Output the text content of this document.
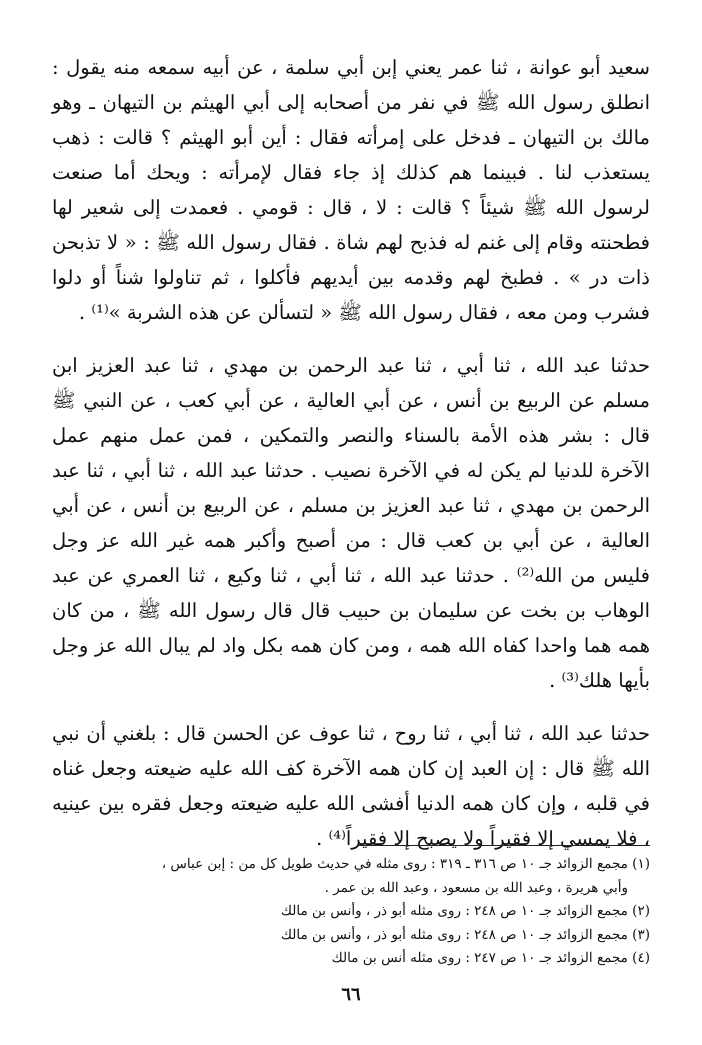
سعيد أبو عوانة ، ثنا عمر يعني إبن أبي سلمة ، عن أبيه سمعه منه يقول : انطلق رسول الله ﷺ في نفر من أصحابه إلى أبي الهيثم بن التيهان ـ وهو مالك بن التيهان ـ فدخل على إمرأته فقال : أين أبو الهيثم ؟ قالت : ذهب يستعذب لنا . فبينما هم كذلك إذ جاء فقال لإمرأته : ويحك أما صنعت لرسول الله ﷺ شيئاً ؟ قالت : لا ، قال : قومي . فعمدت إلى شعير لها فطحنته وقام إلى غنم له فذبح لهم شاة . فقال رسول الله ﷺ : « لا تذبحن ذات در » . فطبخ لهم وقدمه بين أيديهم فأكلوا ، ثم تناولوا شناً أو دلوا فشرب ومن معه ، فقال رسول الله ﷺ « لتسألن عن هذه الشربة »⁽¹⁾ .

حدثنا عبد الله ، ثنا أبي ، ثنا عبد الرحمن بن مهدي ، ثنا عبد العزيز ابن مسلم عن الربيع بن أنس ، عن أبي العالية ، عن أبي كعب ، عن النبي ﷺ قال : بشر هذه الأمة بالسناء والنصر والتمكين ، فمن عمل منهم عمل الآخرة للدنيا لم يكن له في الآخرة نصيب . حدثنا عبد الله ، ثنا أبي ، ثنا عبد الرحمن بن مهدي ، ثنا عبد العزيز بن مسلم ، عن الربيع بن أنس ، عن أبي العالية ، عن أبي بن كعب قال : من أصبح وأكبر همه غير الله عز وجل فليس من الله⁽²⁾ . حدثنا عبد الله ، ثنا أبي ، ثنا وكيع ، ثنا العمري عن عبد الوهاب بن بخت عن سليمان بن حبيب قال قال رسول الله ﷺ ، من كان همه هما واحدا كفاه الله همه ، ومن كان همه بكل واد لم يبال الله عز وجل بأيها هلك⁽³⁾ .

حدثنا عبد الله ، ثنا أبي ، ثنا روح ، ثنا عوف عن الحسن قال : بلغني أن نبي الله ﷺ قال : إن العبد إن كان همه الآخرة كف الله عليه ضيعته وجعل غناه في قلبه ، وإن كان همه الدنيا أفشى الله عليه ضيعته وجعل فقره بين عينيه ، فلا يمسي إلا فقيراً ولا يصبح إلا فقيراً⁽⁴⁾ .

(١) مجمع الزوائد جـ ١٠ ص ٣١٦ ـ ٣١٩ : روى مثله في حديث طويل كل من : إبن عباس ،

وأبي هريرة ، وعبد الله بن مسعود ، وعبد الله بن عمر .

(٢) مجمع الزوائد جـ ١٠ ص ٢٤٨ : روى مثله أبو ذر ، وأنس بن مالك

(٣) مجمع الزوائد جـ ١٠ ص ٢٤٨ : روى مثله أبو ذر ، وأنس بن مالك

(٤) مجمع الزوائد جـ ١٠ ص ٢٤٧ : روى مثله أنس بن مالك

٦٦
